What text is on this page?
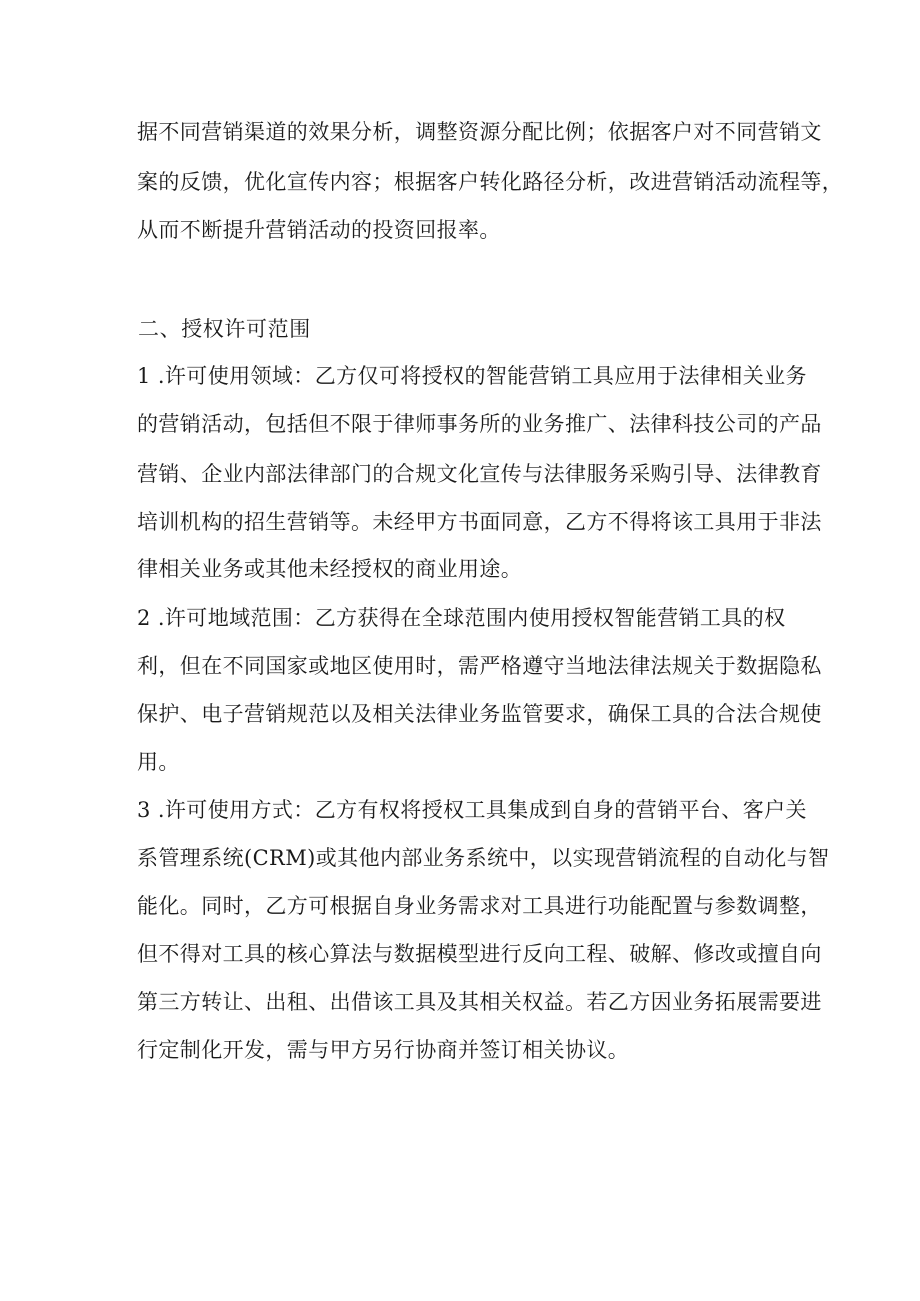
据不同营销渠道的效果分析，调整资源分配比例；依据客户对不同营销文

案的反馈，优化宣传内容；根据客户转化路径分析，改进营销活动流程等，

从而不断提升营销活动的投资回报率。

二、授权许可范围

1 .许可使用领域：乙方仅可将授权的智能营销工具应用于法律相关业务

的营销活动，包括但不限于律师事务所的业务推广、法律科技公司的产品

营销、企业内部法律部门的合规文化宣传与法律服务采购引导、法律教育

培训机构的招生营销等。未经甲方书面同意，乙方不得将该工具用于非法

律相关业务或其他未经授权的商业用途。

2 .许可地域范围：乙方获得在全球范围内使用授权智能营销工具的权

利，但在不同国家或地区使用时，需严格遵守当地法律法规关于数据隐私

保护、电子营销规范以及相关法律业务监管要求，确保工具的合法合规使

用。

3 .许可使用方式：乙方有权将授权工具集成到自身的营销平台、客户关

系管理系统(CRM)或其他内部业务系统中，以实现营销流程的自动化与智

能化。同时，乙方可根据自身业务需求对工具进行功能配置与参数调整，

但不得对工具的核心算法与数据模型进行反向工程、破解、修改或擅自向

第三方转让、出租、出借该工具及其相关权益。若乙方因业务拓展需要进

行定制化开发，需与甲方另行协商并签订相关协议。
